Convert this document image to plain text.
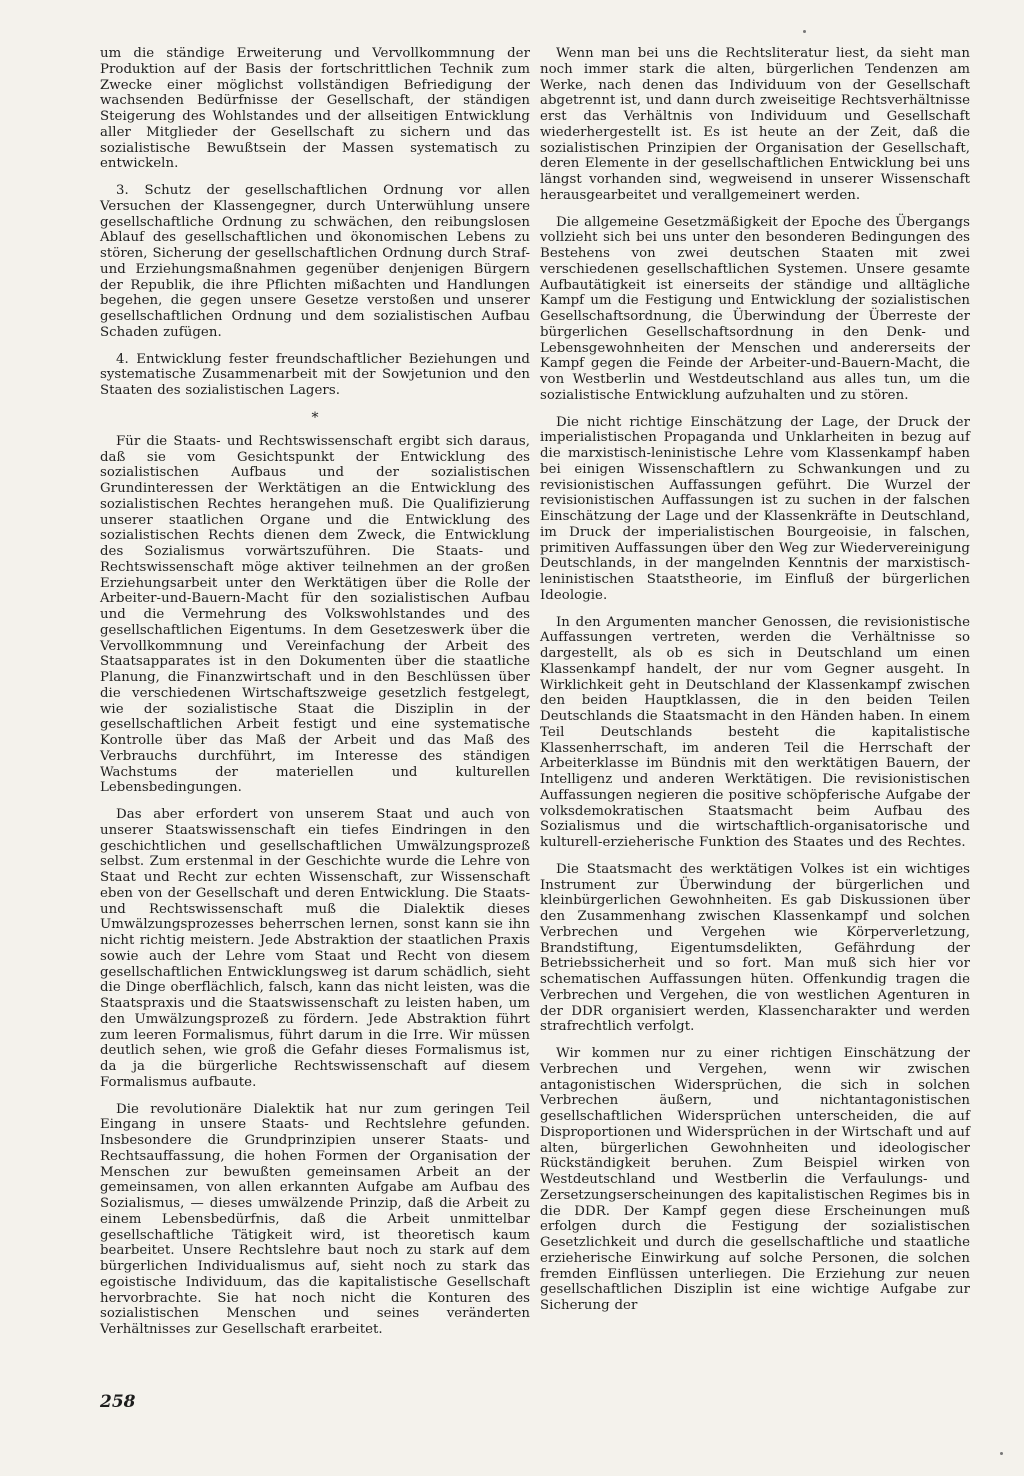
um die ständige Erweiterung und Vervollkommnung der Produktion auf der Basis der fortschrittlichen Technik zum Zwecke einer möglichst vollständigen Befriedigung der wachsenden Bedürfnisse der Gesellschaft, der ständigen Steigerung des Wohlstandes und der allseitigen Entwicklung aller Mitglieder der Gesellschaft zu sichern und das sozialistische Bewußtsein der Massen systematisch zu entwickeln.

3. Schutz der gesellschaftlichen Ordnung vor allen Versuchen der Klassengegner, durch Unterwühlung unsere gesellschaftliche Ordnung zu schwächen, den reibungslosen Ablauf des gesellschaftlichen und ökonomischen Lebens zu stören, Sicherung der gesellschaftlichen Ordnung durch Straf- und Erziehungsmaßnahmen gegenüber denjenigen Bürgern der Republik, die ihre Pflichten mißachten und Handlungen begehen, die gegen unsere Gesetze verstoßen und unserer gesellschaftlichen Ordnung und dem sozialistischen Aufbau Schaden zufügen.

4. Entwicklung fester freundschaftlicher Beziehungen und systematische Zusammenarbeit mit der Sowjetunion und den Staaten des sozialistischen Lagers.

*

Für die Staats- und Rechtswissenschaft ergibt sich daraus, daß sie vom Gesichtspunkt der Entwicklung des sozialistischen Aufbaus und der sozialistischen Grundinteressen der Werktätigen an die Entwicklung des sozialistischen Rechtes herangehen muß. Die Qualifizierung unserer staatlichen Organe und die Entwicklung des sozialistischen Rechts dienen dem Zweck, die Entwicklung des Sozialismus vorwärtszuführen. Die Staats- und Rechtswissenschaft möge aktiver teilnehmen an der großen Erziehungsarbeit unter den Werktätigen über die Rolle der Arbeiter-und-Bauern-Macht für den sozialistischen Aufbau und die Vermehrung des Volkswohlstandes und des gesellschaftlichen Eigentums. In dem Gesetzeswerk über die Vervollkommnung und Vereinfachung der Arbeit des Staatsapparates ist in den Dokumenten über die staatliche Planung, die Finanzwirtschaft und in den Beschlüssen über die verschiedenen Wirtschaftszweige gesetzlich festgelegt, wie der sozialistische Staat die Disziplin in der gesellschaftlichen Arbeit festigt und eine systematische Kontrolle über das Maß der Arbeit und das Maß des Verbrauchs durchführt, im Interesse des ständigen Wachstums der materiellen und kulturellen Lebensbedingungen.

Das aber erfordert von unserem Staat und auch von unserer Staatswissenschaft ein tiefes Eindringen in den geschichtlichen und gesellschaftlichen Umwälzungsprozeß selbst. Zum erstenmal in der Geschichte wurde die Lehre von Staat und Recht zur echten Wissenschaft, zur Wissenschaft eben von der Gesellschaft und deren Entwicklung. Die Staats- und Rechtswissenschaft muß die Dialektik dieses Umwälzungsprozesses beherrschen lernen, sonst kann sie ihn nicht richtig meistern. Jede Abstraktion der staatlichen Praxis sowie auch der Lehre vom Staat und Recht von diesem gesellschaftlichen Entwicklungsweg ist darum schädlich, sieht die Dinge oberflächlich, falsch, kann das nicht leisten, was die Staatspraxis und die Staatswissenschaft zu leisten haben, um den Umwälzungsprozeß zu fördern. Jede Abstraktion führt zum leeren Formalismus, führt darum in die Irre. Wir müssen deutlich sehen, wie groß die Gefahr dieses Formalismus ist, da ja die bürgerliche Rechtswissenschaft auf diesem Formalismus aufbaute.

Die revolutionäre Dialektik hat nur zum geringen Teil Eingang in unsere Staats- und Rechtslehre gefunden. Insbesondere die Grundprinzipien unserer Staats- und Rechtsauffassung, die hohen Formen der Organisation der Menschen zur bewußten gemeinsamen Arbeit an der gemeinsamen, von allen erkannten Aufgabe am Aufbau des Sozialismus, — dieses umwälzende Prinzip, daß die Arbeit zu einem Lebensbedürfnis, daß die Arbeit unmittelbar gesellschaftliche Tätigkeit wird, ist theoretisch kaum bearbeitet. Unsere Rechtslehre baut noch zu stark auf dem bürgerlichen Individualismus auf, sieht noch zu stark das egoistische Individuum, das die kapitalistische Gesellschaft hervorbrachte. Sie hat noch nicht die Konturen des sozialistischen Menschen und seines veränderten Verhältnisses zur Gesellschaft erarbeitet.

Wenn man bei uns die Rechtsliteratur liest, da sieht man noch immer stark die alten, bürgerlichen Tendenzen am Werke, nach denen das Individuum von der Gesellschaft abgetrennt ist, und dann durch zweiseitige Rechtsverhältnisse erst das Verhältnis von Individuum und Gesellschaft wiederhergestellt ist. Es ist heute an der Zeit, daß die sozialistischen Prinzipien der Organisation der Gesellschaft, deren Elemente in der gesellschaftlichen Entwicklung bei uns längst vorhanden sind, wegweisend in unserer Wissenschaft herausgearbeitet und verallgemeinert werden.

Die allgemeine Gesetzmäßigkeit der Epoche des Übergangs vollzieht sich bei uns unter den besonderen Bedingungen des Bestehens von zwei deutschen Staaten mit zwei verschiedenen gesellschaftlichen Systemen. Unsere gesamte Aufbautätigkeit ist einerseits der ständige und alltägliche Kampf um die Festigung und Entwicklung der sozialistischen Gesellschaftsordnung, die Überwindung der Überreste der bürgerlichen Gesellschaftsordnung in den Denk- und Lebensgewohnheiten der Menschen und andererseits der Kampf gegen die Feinde der Arbeiter-und-Bauern-Macht, die von Westberlin und Westdeutschland aus alles tun, um die sozialistische Entwicklung aufzuhalten und zu stören.

Die nicht richtige Einschätzung der Lage, der Druck der imperialistischen Propaganda und Unklarheiten in bezug auf die marxistisch-leninistische Lehre vom Klassenkampf haben bei einigen Wissenschaftlern zu Schwankungen und zu revisionistischen Auffassungen geführt. Die Wurzel der revisionistischen Auffassungen ist zu suchen in der falschen Einschätzung der Lage und der Klassenkräfte in Deutschland, im Druck der imperialistischen Bourgeoisie, in falschen, primitiven Auffassungen über den Weg zur Wiedervereinigung Deutschlands, in der mangelnden Kenntnis der marxistisch-leninistischen Staatstheorie, im Einfluß der bürgerlichen Ideologie.

In den Argumenten mancher Genossen, die revisionistische Auffassungen vertreten, werden die Verhältnisse so dargestellt, als ob es sich in Deutschland um einen Klassenkampf handelt, der nur vom Gegner ausgeht. In Wirklichkeit geht in Deutschland der Klassenkampf zwischen den beiden Hauptklassen, die in den beiden Teilen Deutschlands die Staatsmacht in den Händen haben. In einem Teil Deutschlands besteht die kapitalistische Klassenherrschaft, im anderen Teil die Herrschaft der Arbeiterklasse im Bündnis mit den werktätigen Bauern, der Intelligenz und anderen Werktätigen. Die revisionistischen Auffassungen negieren die positive schöpferische Aufgabe der volksdemokratischen Staatsmacht beim Aufbau des Sozialismus und die wirtschaftlich-organisatorische und kulturell-erzieherische Funktion des Staates und des Rechtes.

Die Staatsmacht des werktätigen Volkes ist ein wichtiges Instrument zur Überwindung der bürgerlichen und kleinbürgerlichen Gewohnheiten. Es gab Diskussionen über den Zusammenhang zwischen Klassenkampf und solchen Verbrechen und Vergehen wie Körperverletzung, Brandstiftung, Eigentumsdelikten, Gefährdung der Betriebssicherheit und so fort. Man muß sich hier vor schematischen Auffassungen hüten. Offenkundig tragen die Verbrechen und Vergehen, die von westlichen Agenturen in der DDR organisiert werden, Klassencharakter und werden strafrechtlich verfolgt.

Wir kommen nur zu einer richtigen Einschätzung der Verbrechen und Vergehen, wenn wir zwischen antagonistischen Widersprüchen, die sich in solchen Verbrechen äußern, und nichtantagonistischen gesellschaftlichen Widersprüchen unterscheiden, die auf Disproportionen und Widersprüchen in der Wirtschaft und auf alten, bürgerlichen Gewohnheiten und ideologischer Rückständigkeit beruhen. Zum Beispiel wirken von Westdeutschland und Westberlin die Verfaulungs- und Zersetzungserscheinungen des kapitalistischen Regimes bis in die DDR. Der Kampf gegen diese Erscheinungen muß erfolgen durch die Festigung der sozialistischen Gesetzlichkeit und durch die gesellschaftliche und staatliche erzieherische Einwirkung auf solche Personen, die solchen fremden Einflüssen unterliegen. Die Erziehung zur neuen gesellschaftlichen Disziplin ist eine wichtige Aufgabe zur Sicherung der

258
